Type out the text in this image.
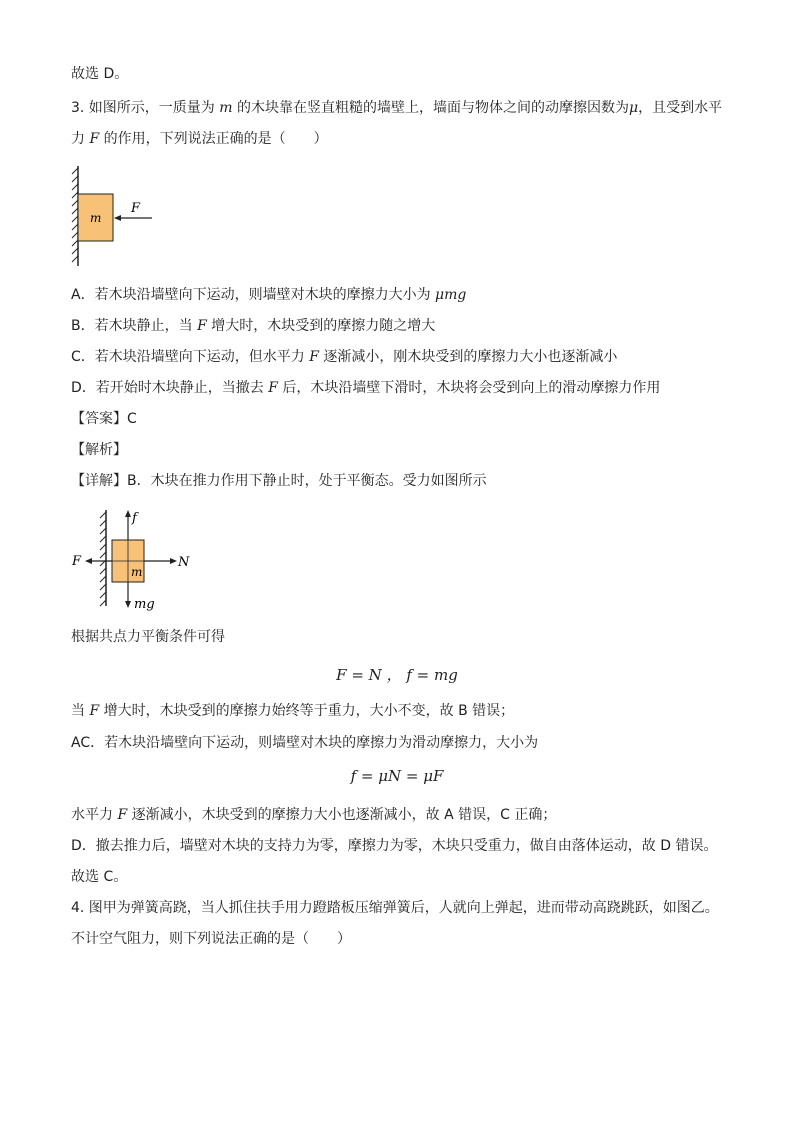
故选 D。
3. 如图所示，一质量为 m 的木块靠在竖直粗糙的墙壁上，墙面与物体之间的动摩擦因数为μ，且受到水平
力 F 的作用，下列说法正确的是（　　）
m
F
A．若木块沿墙壁向下运动，则墙壁对木块的摩擦力大小为 μmg
B．若木块静止，当 F 增大时，木块受到的摩擦力随之增大
C．若木块沿墙壁向下运动，但水平力 F 逐渐减小，刚木块受到的摩擦力大小也逐渐减小
D．若开始时木块静止，当撤去 F 后，木块沿墙壁下滑时，木块将会受到向上的滑动摩擦力作用
【答案】C
【解析】
【详解】B．木块在推力作用下静止时，处于平衡态。受力如图所示
f
mg
F	N
m
根据共点力平衡条件可得
F = N ， f = mg
当 F 增大时，木块受到的摩擦力始终等于重力，大小不变，故 B 错误；
AC．若木块沿墙壁向下运动，则墙壁对木块的摩擦力为滑动摩擦力，大小为
f = μN = μF
水平力 F 逐渐减小，木块受到的摩擦力大小也逐渐减小，故 A 错误，C 正确；
D．撤去推力后，墙壁对木块的支持力为零，摩擦力为零，木块只受重力，做自由落体运动，故 D 错误。
故选 C。
4. 图甲为弹簧高跷，当人抓住扶手用力蹬踏板压缩弹簧后，人就向上弹起，进而带动高跷跳跃，如图乙。
不计空气阻力，则下列说法正确的是（　　）
